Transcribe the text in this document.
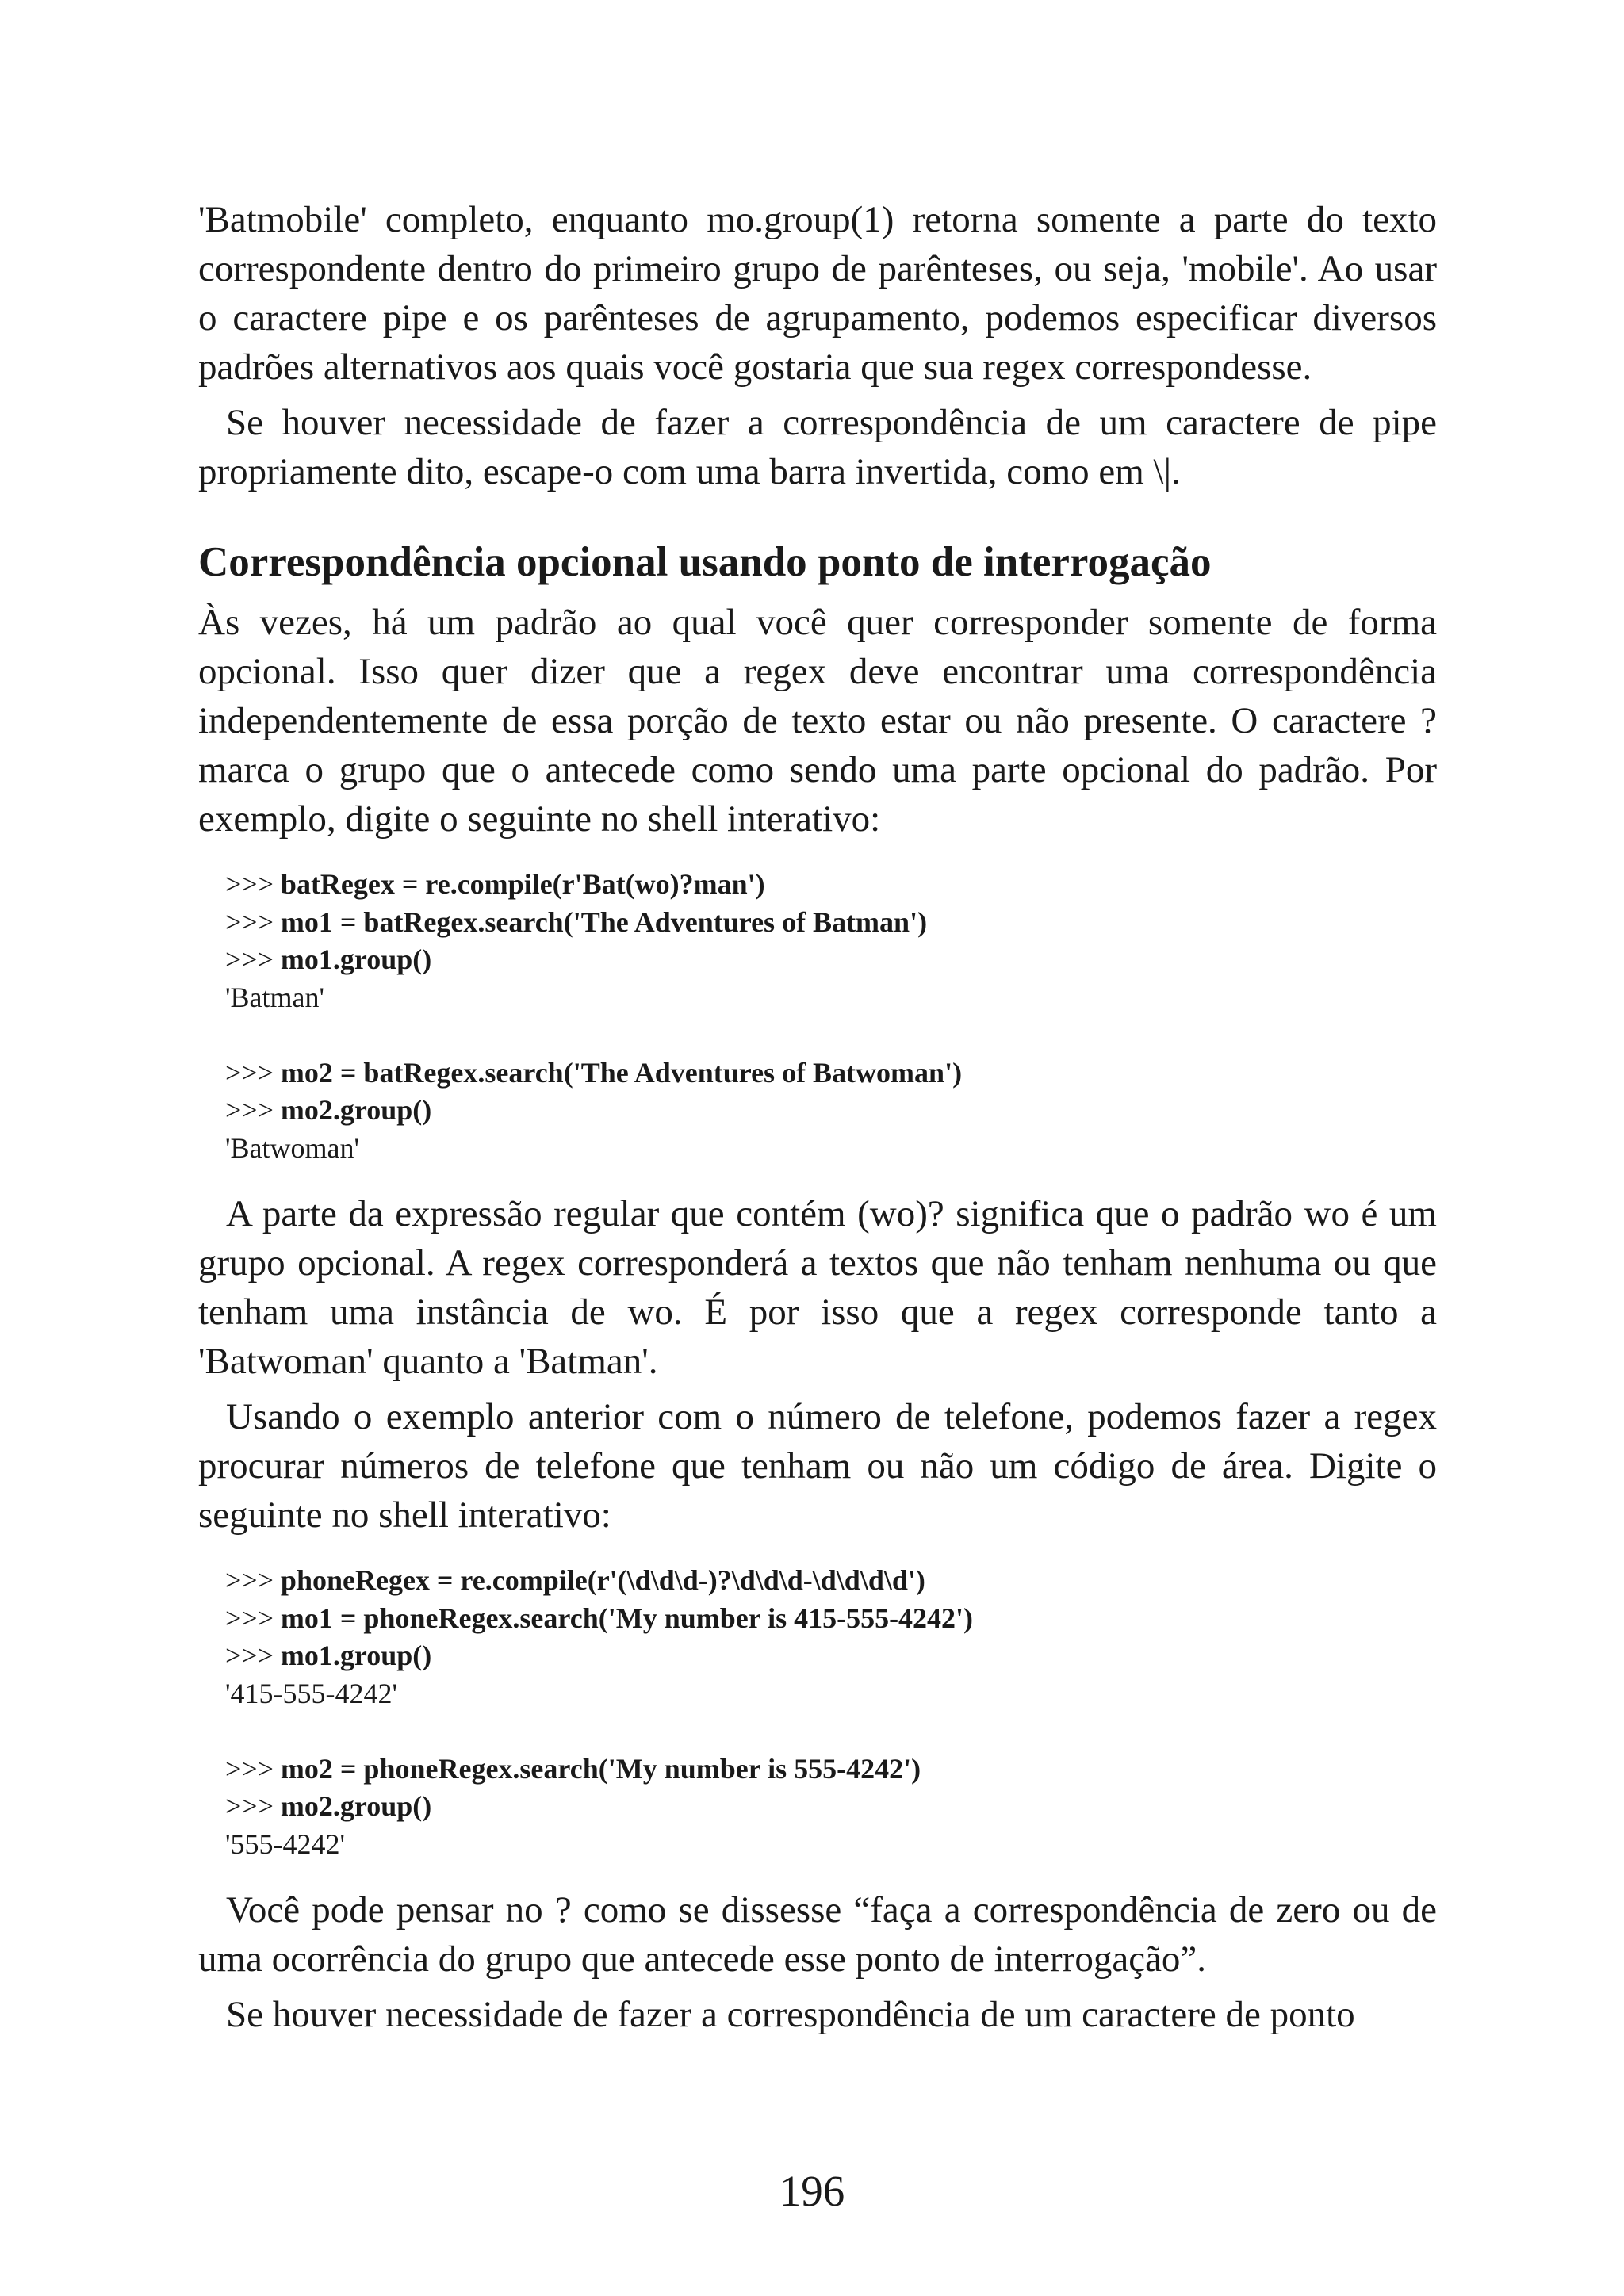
'Batmobile' completo, enquanto mo.group(1) retorna somente a parte do texto correspondente dentro do primeiro grupo de parênteses, ou seja, 'mobile'. Ao usar o caractere pipe e os parênteses de agrupamento, podemos especificar diversos padrões alternativos aos quais você gostaria que sua regex correspondesse.

Se houver necessidade de fazer a correspondência de um caractere de pipe propriamente dito, escape-o com uma barra invertida, como em \|.

Correspondência opcional usando ponto de interrogação

Às vezes, há um padrão ao qual você quer corresponder somente de forma opcional. Isso quer dizer que a regex deve encontrar uma correspondência independentemente de essa porção de texto estar ou não presente. O caractere ? marca o grupo que o antecede como sendo uma parte opcional do padrão. Por exemplo, digite o seguinte no shell interativo:

>>> batRegex = re.compile(r'Bat(wo)?man')
>>> mo1 = batRegex.search('The Adventures of Batman')
>>> mo1.group()
'Batman'
>>> mo2 = batRegex.search('The Adventures of Batwoman')
>>> mo2.group()
'Batwoman'

A parte da expressão regular que contém (wo)? significa que o padrão wo é um grupo opcional. A regex corresponderá a textos que não tenham nenhuma ou que tenham uma instância de wo. É por isso que a regex corresponde tanto a 'Batwoman' quanto a 'Batman'.

Usando o exemplo anterior com o número de telefone, podemos fazer a regex procurar números de telefone que tenham ou não um código de área. Digite o seguinte no shell interativo:

>>> phoneRegex = re.compile(r'(\d\d\d-)?\d\d\d-\d\d\d\d')
>>> mo1 = phoneRegex.search('My number is 415-555-4242')
>>> mo1.group()
'415-555-4242'
>>> mo2 = phoneRegex.search('My number is 555-4242')
>>> mo2.group()
'555-4242'

Você pode pensar no ? como se dissesse “faça a correspondência de zero ou de uma ocorrência do grupo que antecede esse ponto de interrogação”.

Se houver necessidade de fazer a correspondência de um caractere de ponto

196
